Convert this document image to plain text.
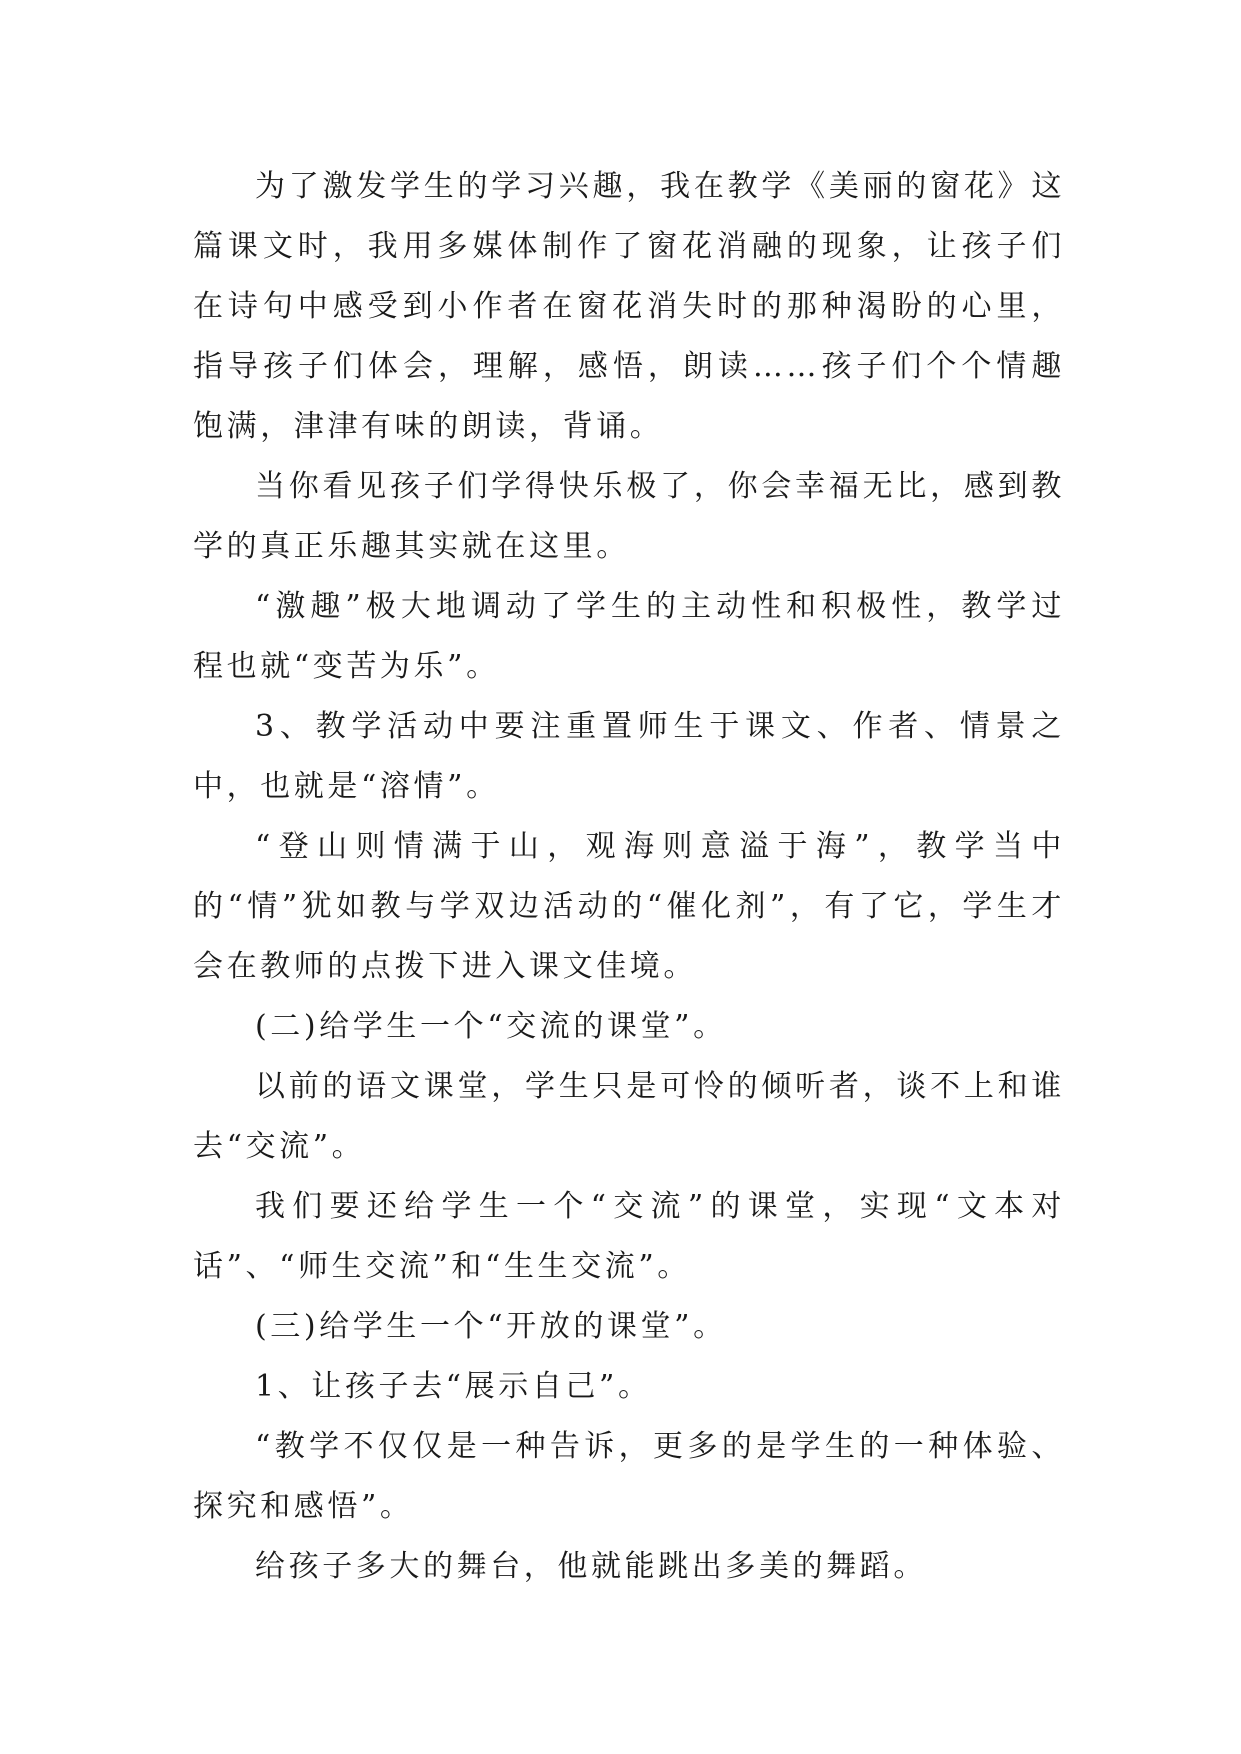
为了激发学生的学习兴趣，我在教学《美丽的窗花》这篇课文时，我用多媒体制作了窗花消融的现象，让孩子们在诗句中感受到小作者在窗花消失时的那种渴盼的心里，指导孩子们体会，理解，感悟，朗读……孩子们个个情趣饱满，津津有味的朗读，背诵。

当你看见孩子们学得快乐极了，你会幸福无比，感到教学的真正乐趣其实就在这里。

“激趣”极大地调动了学生的主动性和积极性，教学过程也就“变苦为乐”。

3、教学活动中要注重置师生于课文、作者、情景之中，也就是“溶情”。

“登山则情满于山，观海则意溢于海”，教学当中的“情”犹如教与学双边活动的“催化剂”，有了它，学生才会在教师的点拨下进入课文佳境。

(二)给学生一个“交流的课堂”。

以前的语文课堂，学生只是可怜的倾听者，谈不上和谁去“交流”。

我们要还给学生一个“交流”的课堂，实现“文本对话”、“师生交流”和“生生交流”。

(三)给学生一个“开放的课堂”。

1、让孩子去“展示自己”。

“教学不仅仅是一种告诉，更多的是学生的一种体验、探究和感悟”。

给孩子多大的舞台，他就能跳出多美的舞蹈。
